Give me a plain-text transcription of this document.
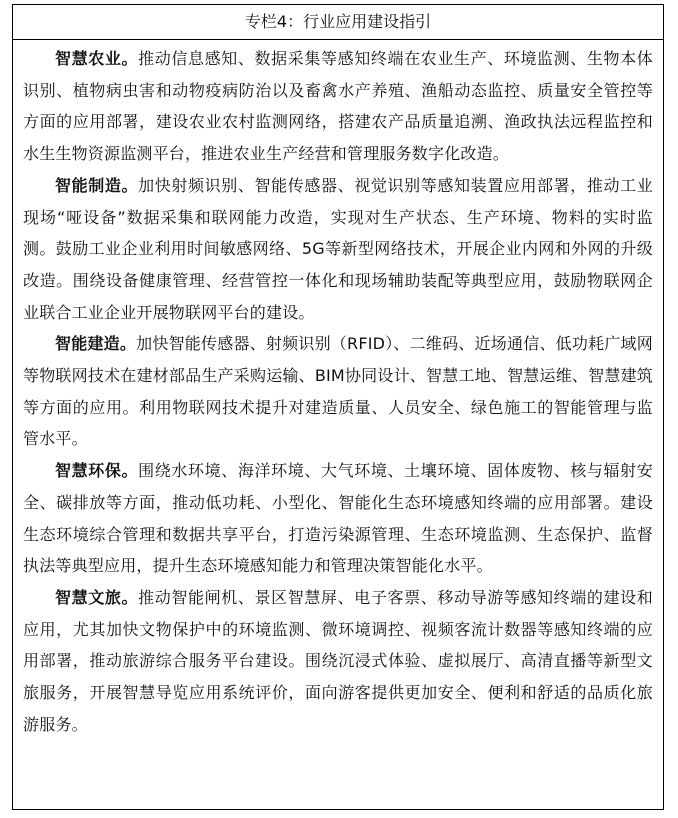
专栏4：行业应用建设指引

智慧农业。推动信息感知、数据采集等感知终端在农业生产、环境监测、生物本体识别、植物病虫害和动物疫病防治以及畜禽水产养殖、渔船动态监控、质量安全管控等方面的应用部署，建设农业农村监测网络，搭建农产品质量追溯、渔政执法远程监控和水生生物资源监测平台，推进农业生产经营和管理服务数字化改造。

智能制造。加快射频识别、智能传感器、视觉识别等感知装置应用部署，推动工业现场“哑设备”数据采集和联网能力改造，实现对生产状态、生产环境、物料的实时监测。鼓励工业企业利用时间敏感网络、5G等新型网络技术，开展企业内网和外网的升级改造。围绕设备健康管理、经营管控一体化和现场辅助装配等典型应用，鼓励物联网企业联合工业企业开展物联网平台的建设。

智能建造。加快智能传感器、射频识别（RFID）、二维码、近场通信、低功耗广域网等物联网技术在建材部品生产采购运输、BIM协同设计、智慧工地、智慧运维、智慧建筑等方面的应用。利用物联网技术提升对建造质量、人员安全、绿色施工的智能管理与监管水平。

智慧环保。围绕水环境、海洋环境、大气环境、土壤环境、固体废物、核与辐射安全、碳排放等方面，推动低功耗、小型化、智能化生态环境感知终端的应用部署。建设生态环境综合管理和数据共享平台，打造污染源管理、生态环境监测、生态保护、监督执法等典型应用，提升生态环境感知能力和管理决策智能化水平。

智慧文旅。推动智能闸机、景区智慧屏、电子客票、移动导游等感知终端的建设和应用，尤其加快文物保护中的环境监测、微环境调控、视频客流计数器等感知终端的应用部署，推动旅游综合服务平台建设。围绕沉浸式体验、虚拟展厅、高清直播等新型文旅服务，开展智慧导览应用系统评价，面向游客提供更加安全、便利和舒适的品质化旅游服务。
